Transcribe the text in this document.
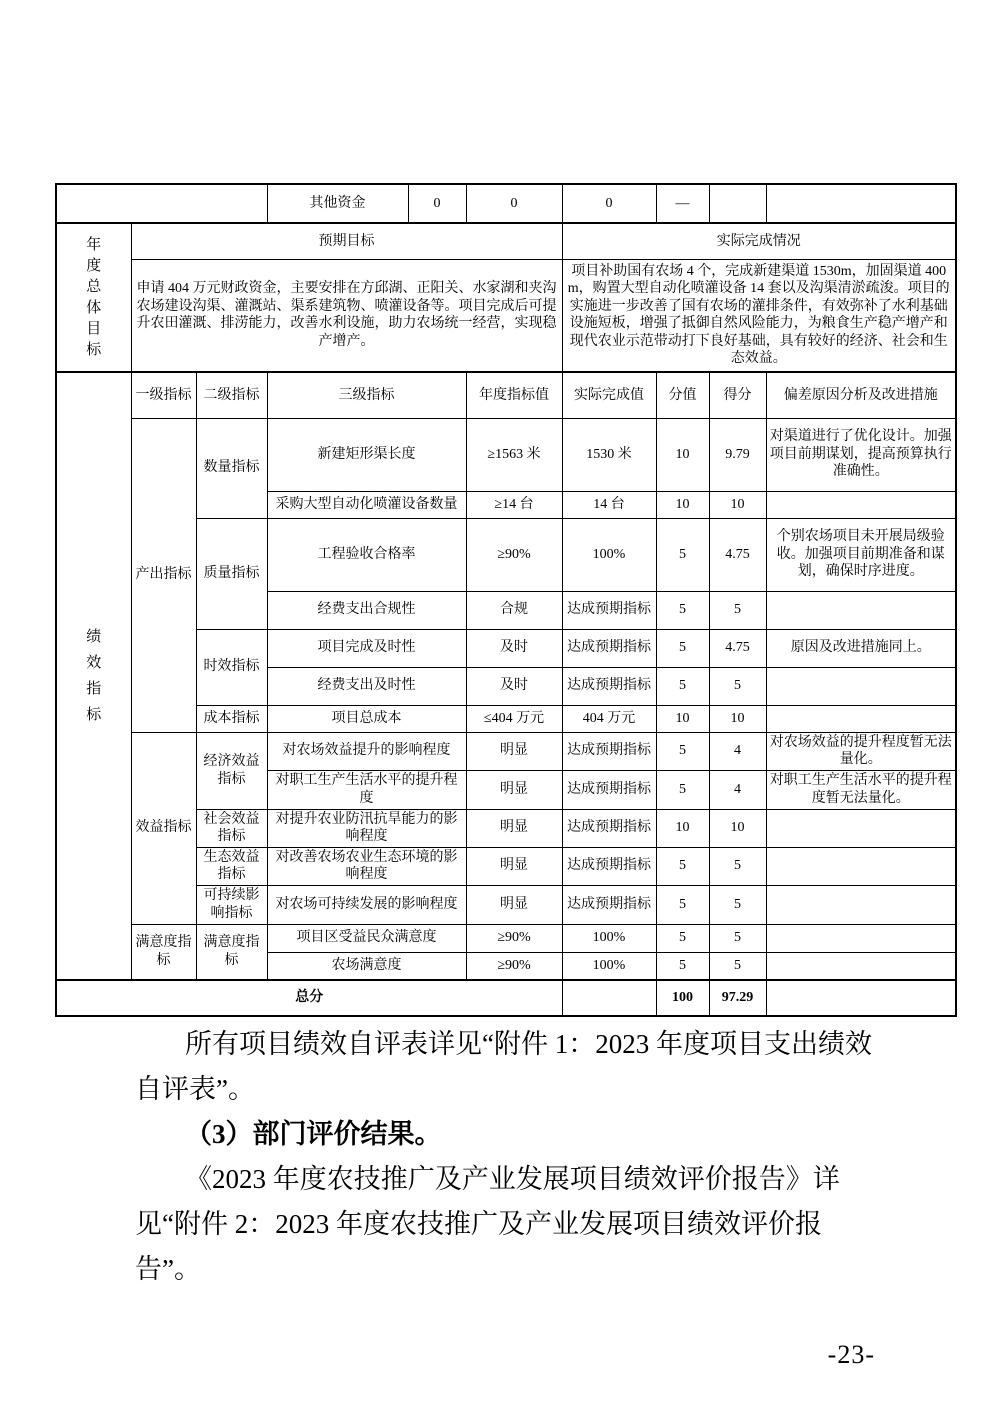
			其他资金	0	0	0	—		

年度总体目标	预期目标					实际完成情况			
	申请 404 万元财政资金，主要安排在方邱湖、正阳关、水家湖和夹沟农场建设沟渠、灌溉站、渠系建筑物、喷灌设备等。项目完成后可提升农田灌溉、排涝能力，改善水利设施，助力农场统一经营，实现稳产增产。					项目补助国有农场 4 个，完成新建渠道 1530m，加固渠道 400m，购置大型自动化喷灌设备 14 套以及沟渠清淤疏浚。项目的实施进一步改善了国有农场的灌排条件，有效弥补了水利基础设施短板，增强了抵御自然风险能力，为粮食生产稳产增产和现代农业示范带动打下良好基础，具有较好的经济、社会和生态效益。			

绩效指标	一级指标	二级指标	三级指标		年度指标值	实际完成值	分值	得分	偏差原因分析及改进措施
	产出指标	数量指标	新建矩形渠长度		≥1563 米	1530 米	10	9.79	对渠道进行了优化设计。加强项目前期谋划，提高预算执行准确性。
			采购大型自动化喷灌设备数量		≥14 台	14 台	10	10	
		质量指标	工程验收合格率		≥90%	100%	5	4.75	个别农场项目未开展局级验收。加强项目前期准备和谋划，确保时序进度。
			经费支出合规性		合规	达成预期指标	5	5	
		时效指标	项目完成及时性		及时	达成预期指标	5	4.75	原因及改进措施同上。
			经费支出及时性		及时	达成预期指标	5	5	
		成本指标	项目总成本		≤404 万元	404 万元	10	10	
	效益指标	经济效益指标	对农场效益提升的影响程度		明显	达成预期指标	5	4	对农场效益的提升程度暂无法量化。
			对职工生产生活水平的提升程度		明显	达成预期指标	5	4	对职工生产生活水平的提升程度暂无法量化。
		社会效益指标	对提升农业防汛抗旱能力的影响程度		明显	达成预期指标	10	10	
		生态效益指标	对改善农场农业生态环境的影响程度		明显	达成预期指标	5	5	
		可持续影响指标	对农场可持续发展的影响程度		明显	达成预期指标	5	5	
	满意度指标	满意度指标	项目区受益民众满意度		≥90%	100%	5	5	
			农场满意度		≥90%	100%	5	5	
总分							100	97.29	

所有项目绩效自评表详见“附件 1：2023 年度项目支出绩效自评表”。

（3）部门评价结果。

《2023 年度农技推广及产业发展项目绩效评价报告》详见“附件 2：2023 年度农技推广及产业发展项目绩效评价报告”。

-23-
